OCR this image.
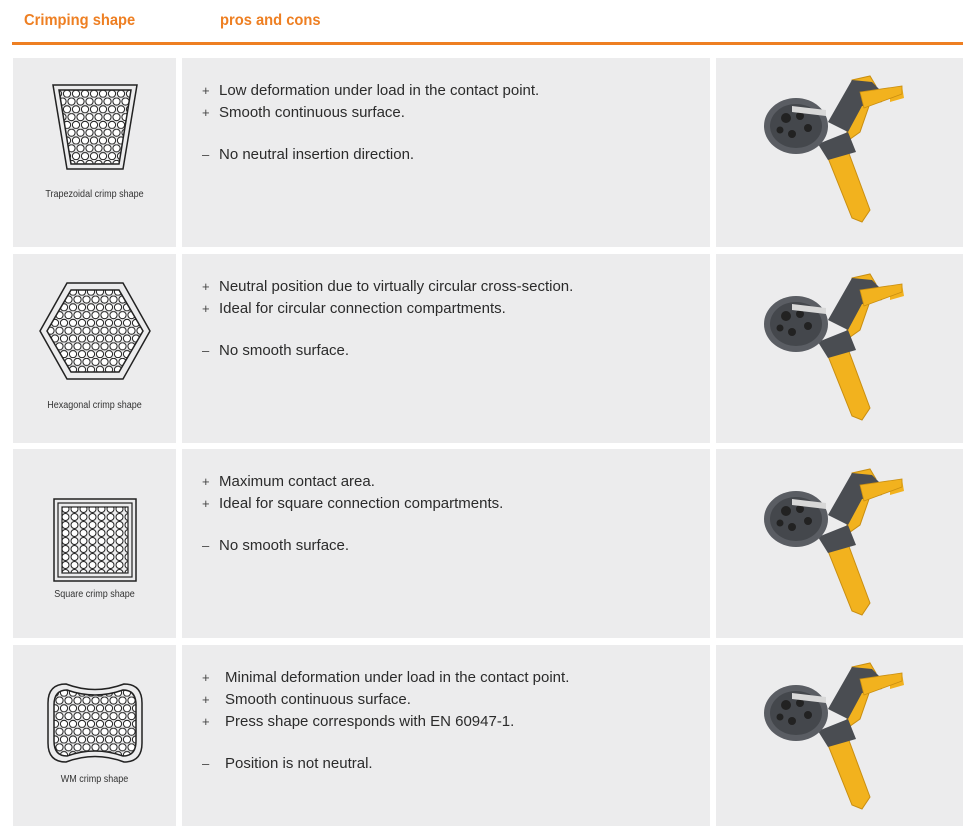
Crimping shape	pros and cons
Trapezoidal crimp shape
+ Low deformation under load in the contact point.
+ Smooth continuous surface.
– No neutral insertion direction.
Hexagonal crimp shape
+ Neutral position due to virtually circular cross-section.
+ Ideal for circular connection compartments.
– No smooth surface.
Square crimp shape
+ Maximum contact area.
+ Ideal for square connection compartments.
– No smooth surface.
WM crimp shape
+	Minimal deformation under load in the contact point.
+	Smooth continuous surface.
+	Press shape corresponds with EN 60947-1.
–	Position is not neutral.
